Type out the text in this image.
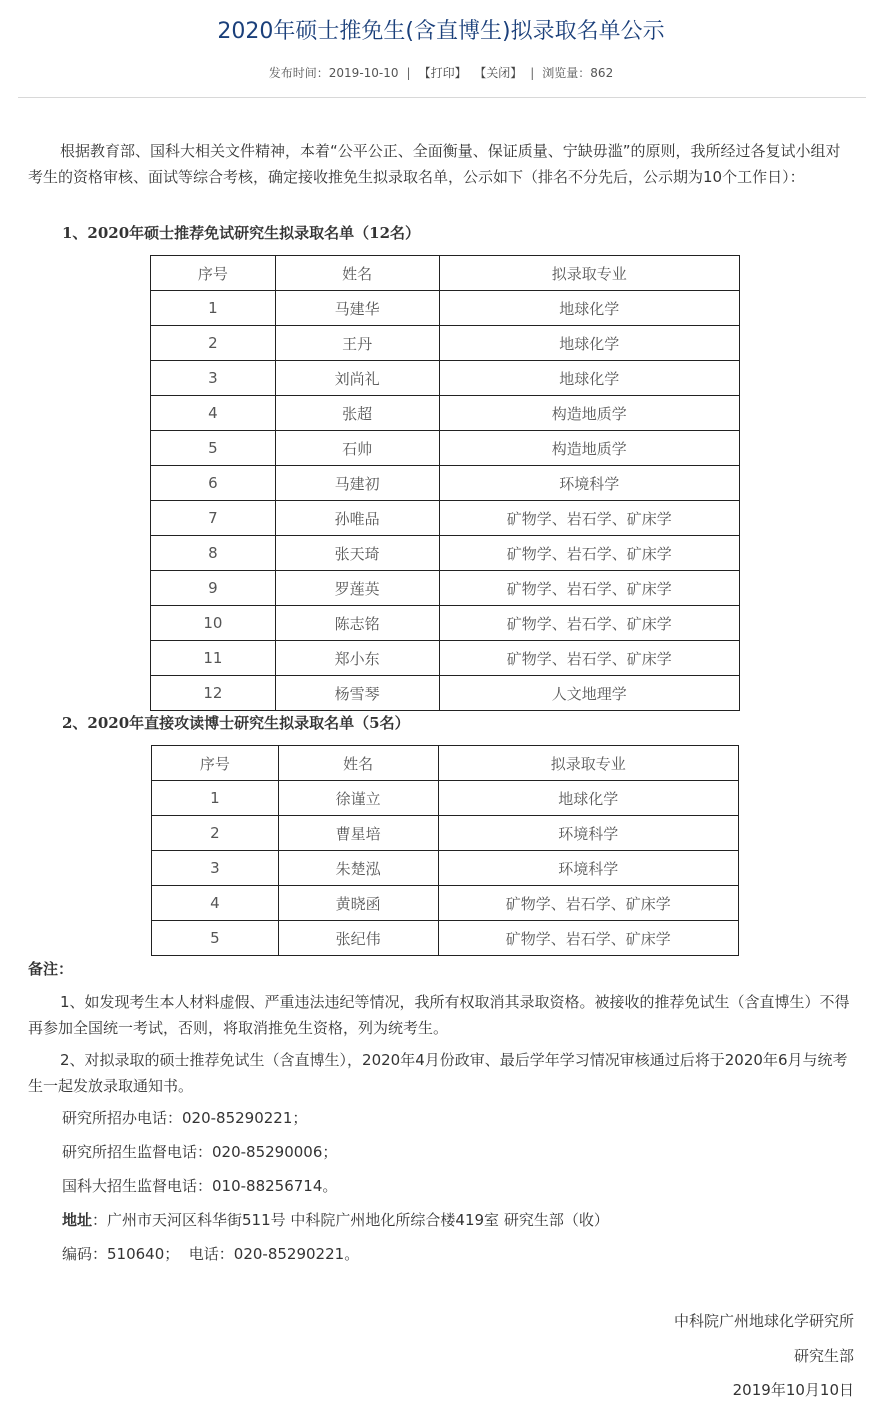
2020年硕士推免生(含直博生)拟录取名单公示
发布时间：2019-10-10 | 【打印】 【关闭】 | 浏览量：862
根据教育部、国科大相关文件精神，本着“公平公正、全面衡量、保证质量、宁缺毋滥”的原则，我所经过各复试小组对考生的资格审核、面试等综合考核，确定接收推免生拟录取名单，公示如下（排名不分先后，公示期为10个工作日）：
1、2020年硕士推荐免试研究生拟录取名单（12名）
序号	姓名	拟录取专业
1	马建华	地球化学
2	王丹	地球化学
3	刘尚礼	地球化学
4	张超	构造地质学
5	石帅	构造地质学
6	马建初	环境科学
7	孙唯品	矿物学、岩石学、矿床学
8	张天琦	矿物学、岩石学、矿床学
9	罗莲英	矿物学、岩石学、矿床学
10	陈志铭	矿物学、岩石学、矿床学
11	郑小东	矿物学、岩石学、矿床学
12	杨雪琴	人文地理学
2、2020年直接攻读博士研究生拟录取名单（5名）
序号	姓名	拟录取专业
1	徐谨立	地球化学
2	曹星培	环境科学
3	朱楚泓	环境科学
4	黄晓函	矿物学、岩石学、矿床学
5	张纪伟	矿物学、岩石学、矿床学
备注：
1、如发现考生本人材料虚假、严重违法违纪等情况，我所有权取消其录取资格。被接收的推荐免试生（含直博生）不得再参加全国统一考试，否则，将取消推免生资格，列为统考生。
2、对拟录取的硕士推荐免试生（含直博生），2020年4月份政审、最后学年学习情况审核通过后将于2020年6月与统考生一起发放录取通知书。
研究所招办电话：020-85290221；
研究所招生监督电话：020-85290006；
国科大招生监督电话：010-88256714。
地址：广州市天河区科华街511号 中科院广州地化所综合楼419室 研究生部（收）
编码：510640；  电话：020-85290221。
中科院广州地球化学研究所
研究生部
2019年10月10日
